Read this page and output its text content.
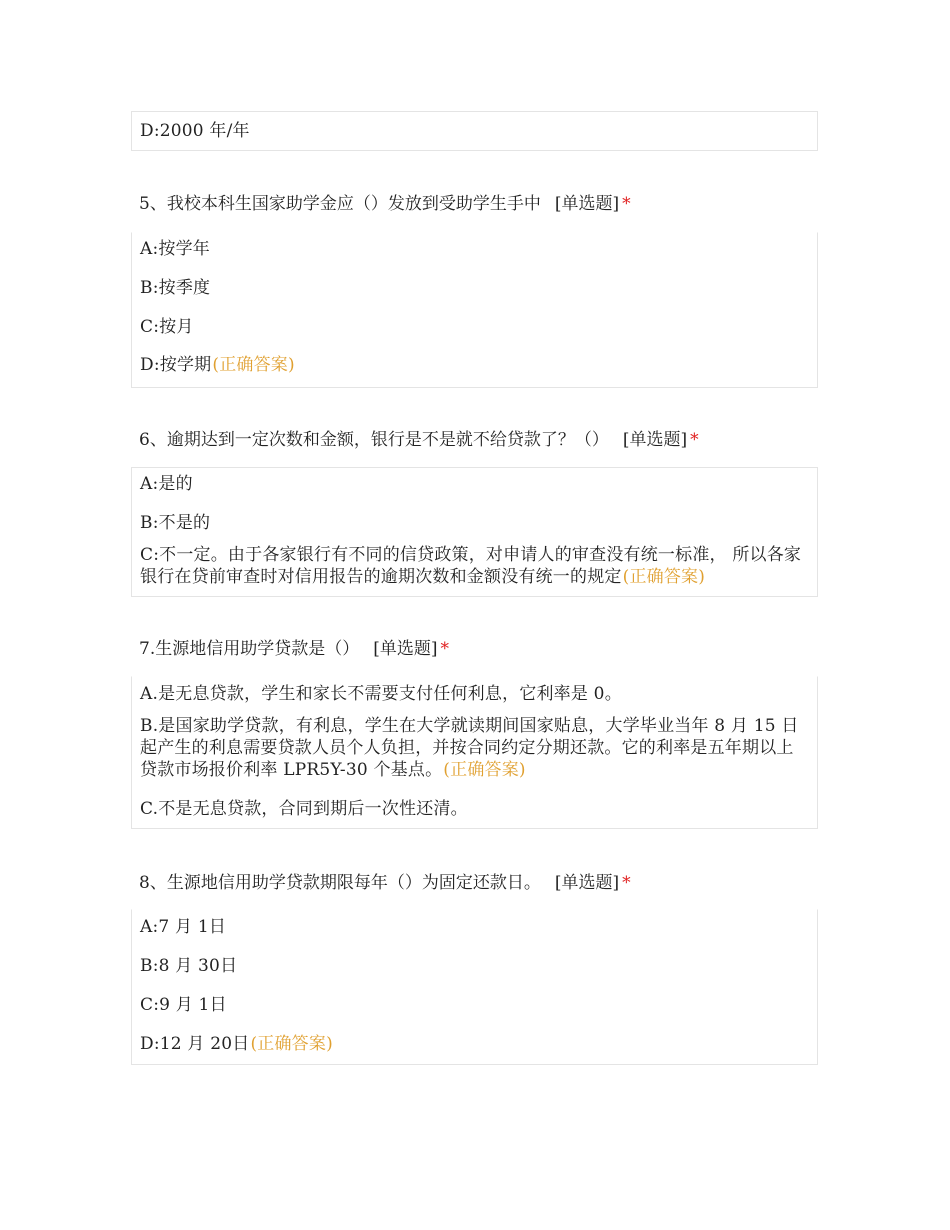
D:2000 年/年
5、我校本科生国家助学金应（）发放到受助学生手中 [单选题] *
A:按学年
B:按季度
C:按月
D:按学期(正确答案)
6、逾期达到一定次数和金额，银行是不是就不给贷款了？（） [单选题] *
A:是的
B:不是的
C:不一定。由于各家银行有不同的信贷政策，对申请人的审查没有统一标准， 所以各家银行在贷前审查时对信用报告的逾期次数和金额没有统一的规定(正确答案)
7.生源地信用助学贷款是（） [单选题] *
A.是无息贷款，学生和家长不需要支付任何利息，它利率是 0。
B.是国家助学贷款，有利息，学生在大学就读期间国家贴息，大学毕业当年 8 月 15 日起产生的利息需要贷款人员个人负担，并按合同约定分期还款。它的利率是五年期以上贷款市场报价利率 LPR5Y-30 个基点。(正确答案)
C.不是无息贷款，合同到期后一次性还清。
8、生源地信用助学贷款期限每年（）为固定还款日。 [单选题] *
A:7 月 1日
B:8 月 30日
C:9 月 1日
D:12 月 20日(正确答案)
